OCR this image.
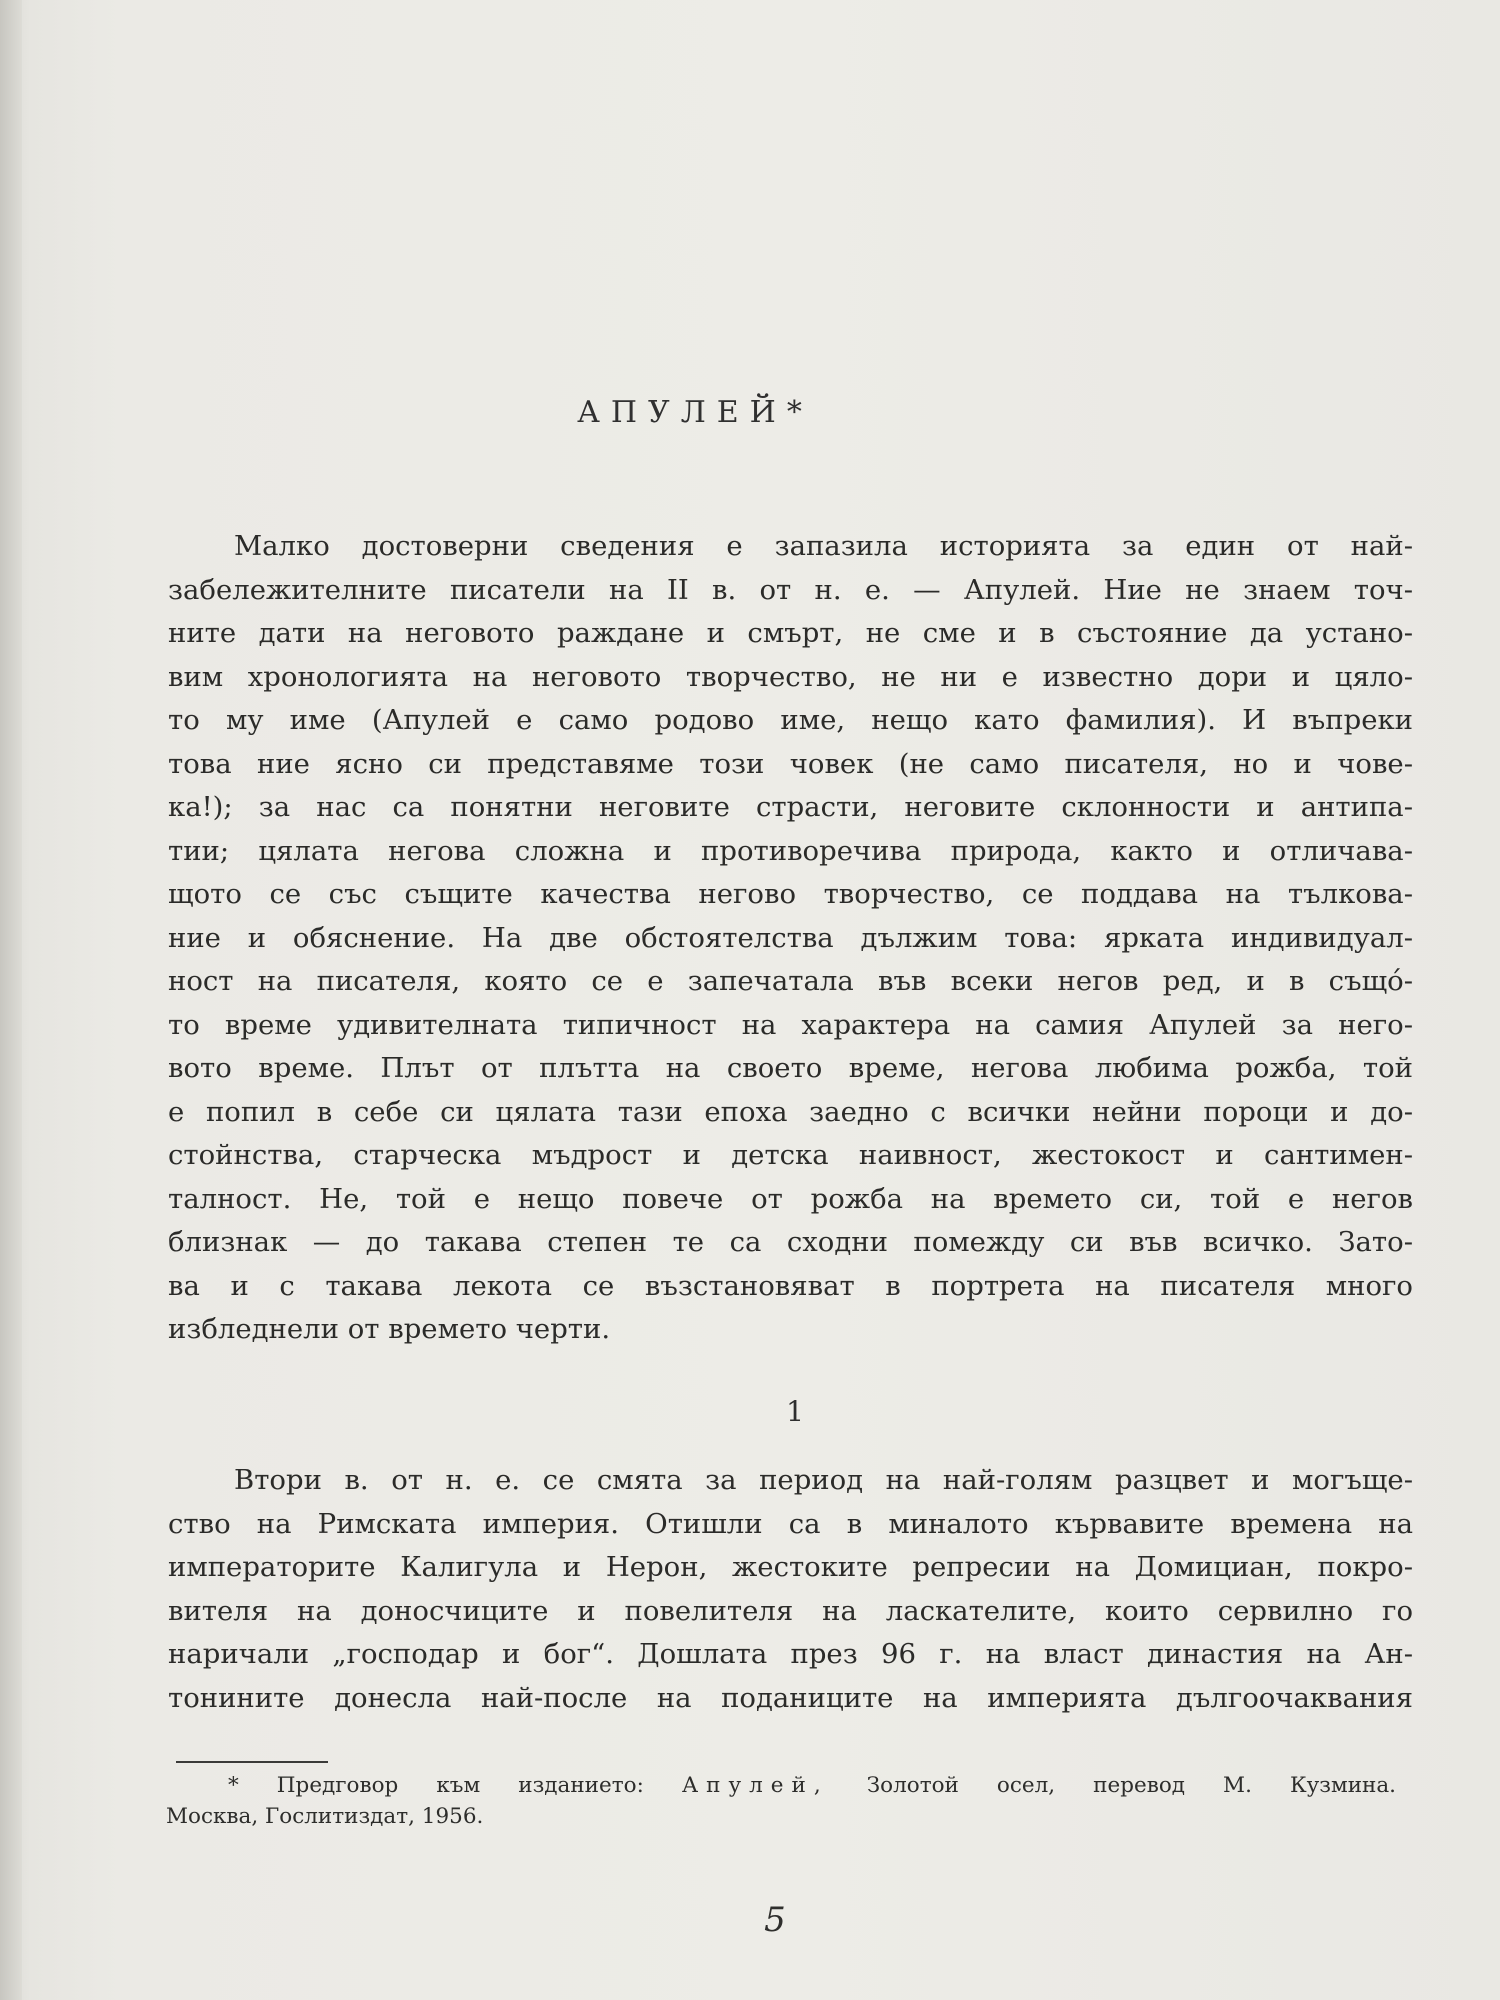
АПУЛЕЙ*
Малко достоверни сведения е запазила историята за един от най-
забележителните писатели на II в. от н. е. — Апулей. Ние не знаем точ-
ните дати на неговото раждане и смърт, не сме и в състояние да устано-
вим хронологията на неговото творчество, не ни е известно дори и цяло-
то му име (Апулей е само родово име, нещо като фамилия). И въпреки
това ние ясно си представяме този човек (не само писателя, но и чове-
ка!); за нас са понятни неговите страсти, неговите склонности и антипа-
тии; цялата негова сложна и противоречива природа, както и отличава-
щото се със същите качества негово творчество, се поддава на тълкова-
ние и обяснение. На две обстоятелства дължим това: ярката индивидуал-
ност на писателя, която се е запечатала във всеки негов ред, и в същό-
то време удивителната типичност на характера на самия Апулей за него-
вото време. Плът от плътта на своето време, негова любима рожба, той
е попил в себе си цялата тази епоха заедно с всички нейни пороци и до-
стойнства, старческа мъдрост и детска наивност, жестокост и сантимен-
талност. Не, той е нещо повече от рожба на времето си, той е негов
близнак — до такава степен те са сходни помежду си във всичко. Зато-
ва и с такава лекота се възстановяват в портрета на писателя много
избледнели от времето черти.
1
Втори в. от н. е. се смята за период на най-голям разцвет и могъще-
ство на Римската империя. Отишли са в миналото кървавите времена на
императорите Калигула и Нерон, жестоките репресии на Домициан, покро-
вителя на доносчиците и повелителя на ласкателите, които сервилно го
наричали „господар и бог“. Дошлата през 96 г. на власт династия на Ан-
тонините донесла най-после на поданиците на империята дългоочаквания
* Предговор към изданието: Апулей, Золотой осел, перевод М. Кузмина.
Москва, Гослитиздат, 1956.
5
